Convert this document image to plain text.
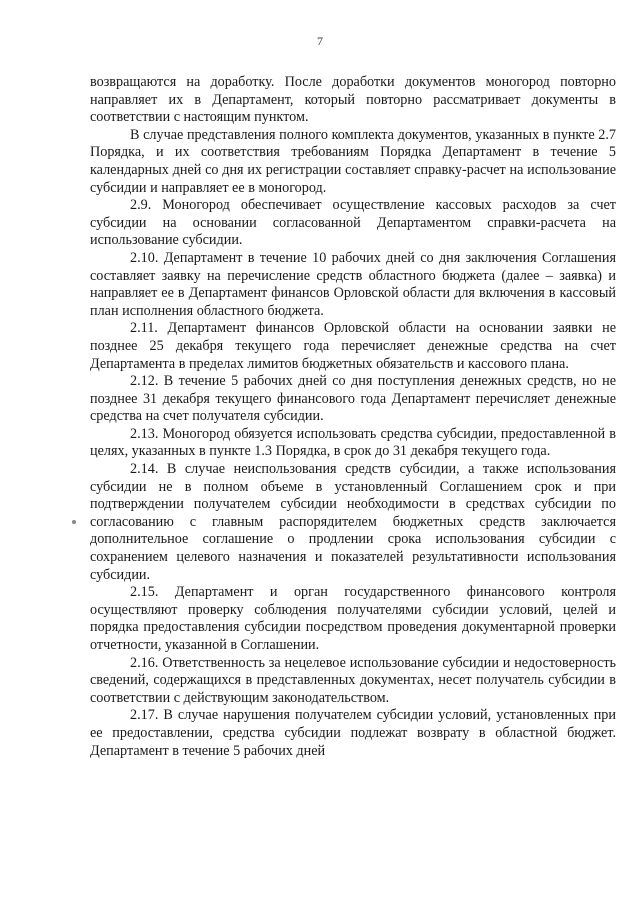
7

возвращаются на доработку. После доработки документов моногород повторно направляет их в Департамент, который повторно рассматривает документы в соответствии с настоящим пунктом.

В случае представления полного комплекта документов, указанных в пункте 2.7 Порядка, и их соответствия требованиям Порядка Департамент в течение 5 календарных дней со дня их регистрации составляет справку-расчет на использование субсидии и направляет ее в моногород.

2.9. Моногород обеспечивает осуществление кассовых расходов за счет субсидии на основании согласованной Департаментом справки-расчета на использование субсидии.

2.10. Департамент в течение 10 рабочих дней со дня заключения Соглашения составляет заявку на перечисление средств областного бюджета (далее – заявка) и направляет ее в Департамент финансов Орловской области для включения в кассовый план исполнения областного бюджета.

2.11. Департамент финансов Орловской области на основании заявки не позднее 25 декабря текущего года перечисляет денежные средства на счет Департамента в пределах лимитов бюджетных обязательств и кассового плана.

2.12. В течение 5 рабочих дней со дня поступления денежных средств, но не позднее 31 декабря текущего финансового года Департамент перечисляет денежные средства на счет получателя субсидии.

2.13. Моногород обязуется использовать средства субсидии, предоставленной в целях, указанных в пункте 1.3 Порядка, в срок до 31 декабря текущего года.

2.14. В случае неиспользования средств субсидии, а также использования субсидии не в полном объеме в установленный Соглашением срок и при подтверждении получателем субсидии необходимости в средствах субсидии по согласованию с главным распорядителем бюджетных средств заключается дополнительное соглашение о продлении срока использования субсидии с сохранением целевого назначения и показателей результативности использования субсидии.

2.15. Департамент и орган государственного финансового контроля осуществляют проверку соблюдения получателями субсидии условий, целей и порядка предоставления субсидии посредством проведения документарной проверки отчетности, указанной в Соглашении.

2.16. Ответственность за нецелевое использование субсидии и недостоверность сведений, содержащихся в представленных документах, несет получатель субсидии в соответствии с действующим законодательством.

2.17. В случае нарушения получателем субсидии условий, установленных при ее предоставлении, средства субсидии подлежат возврату в областной бюджет. Департамент в течение 5 рабочих дней
